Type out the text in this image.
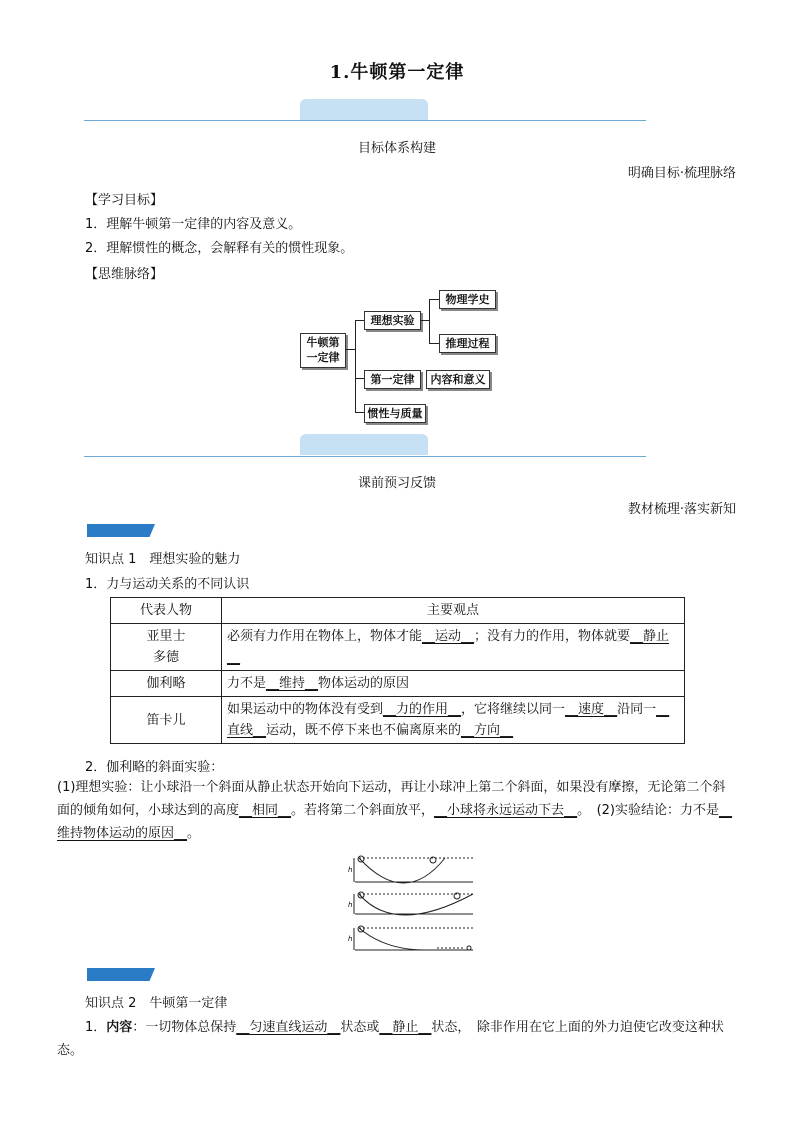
1.牛顿第一定律
目标体系构建
明确目标·梳理脉络
【学习目标】
1．理解牛顿第一定律的内容及意义。
2．理解惯性的概念，会解释有关的惯性现象。
【思维脉络】
牛顿第
一定律
理想实验
物理学史
推理过程
第一定律	内容和意义
惯性与质量
课前预习反馈
教材梳理·落实新知
知识点 1　理想实验的魅力
1．力与运动关系的不同认识
代表人物	主要观点
亚里士
多德	必须有力作用在物体上，物体才能__运动__；没有力的作用，物体就要__静止__
伽利略	力不是__维持__物体运动的原因
笛卡儿	如果运动中的物体没有受到__力的作用__，它将继续以同一__速度__沿同一__直线__运动，既不停下来也不偏离原来的__方向__
2．伽利略的斜面实验：
(1)理想实验：让小球沿一个斜面从静止状态开始向下运动，再让小球冲上第二个斜面，如果没有摩擦，无论第二个斜面的倾角如何，小球达到的高度__相同__。若将第二个斜面放平，__小球将永远运动下去__。　(2)实验结论：力不是__维持物体运动的原因__。
h
h
h
知识点 2　牛顿第一定律
1．内容：一切物体总保持__匀速直线运动__状态或__静止__状态，　除非作用在它上面的外力迫使它改变这种状态。
